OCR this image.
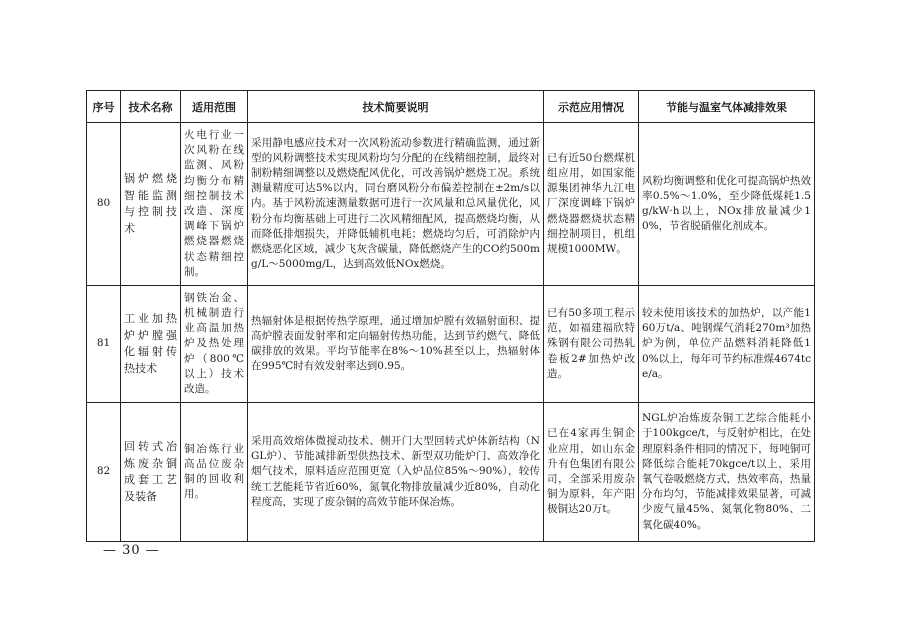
序号	技术名称	适用范围	技术简要说明	示范应用情况	节能与温室气体减排效果
80	锅炉燃烧智能监测与控制技术	火电行业一次风粉在线监测、风粉均衡分布精细控制技术改造、深度调峰下锅炉燃烧器燃烧状态精细控制。	采用静电感应技术对一次风粉流动参数进行精确监测，通过新型的风粉调整技术实现风粉均匀分配的在线精细控制，最终对制粉精细调整以及燃烧配风优化，可改善锅炉燃烧工况。系统测量精度可达5%以内，同台磨风粉分布偏差控制在±2m/s以内。基于风粉流速测量数据可进行一次风量和总风量优化，风粉分布均衡基础上可进行二次风精细配风，提高燃烧均衡，从而降低排烟损失，并降低辅机电耗；燃烧均匀后，可消除炉内燃烧恶化区域，减少飞灰含碳量，降低燃烧产生的CO约500mg/L～5000mg/L，达到高效低NOx燃烧。	已有近50台燃煤机组应用，如国家能源集团神华九江电厂深度调峰下锅炉燃烧器燃烧状态精细控制项目，机组规模1000MW。	风粉均衡调整和优化可提高锅炉热效率0.5%～1.0%，至少降低煤耗1.5g/kW·h以上，NOx排放量减少10%，节省脱硝催化剂成本。
81	工业加热炉炉膛强化辐射传热技术	钢铁冶金、机械制造行业高温加热炉及热处理炉（800℃以上）技术改造。	热辐射体是根据传热学原理，通过增加炉膛有效辐射面积、提高炉膛表面发射率和定向辐射传热功能，达到节约燃气、降低碳排放的效果。平均节能率在8%～10%甚至以上，热辐射体在995℃时有效发射率达到0.95。	已有50多项工程示范，如福建福欣特殊钢有限公司热轧卷板2#加热炉改造。	较未使用该技术的加热炉，以产能160万t/a、吨钢煤气消耗270m³加热炉为例，单位产品燃料消耗降低10%以上，每年可节约标准煤4674tce/a。
82	回转式冶炼废杂铜成套工艺及装备	铜冶炼行业高品位废杂铜的回收利用。	采用高效熔体微搅动技术、侧开门大型回转式炉体新结构（NGL炉）、节能减排新型供热技术、新型双功能炉门、高效净化烟气技术，原料适应范围更宽（入炉品位85%～90%），较传统工艺能耗节省近60%，氮氧化物排放量减少近80%，自动化程度高，实现了废杂铜的高效节能环保冶炼。	已在4家再生铜企业应用，如山东金升有色集团有限公司，全部采用废杂铜为原料，年产阳极铜达20万t。	NGL炉冶炼废杂铜工艺综合能耗小于100kgce/t，与反射炉相比，在处理原料条件相同的情况下，每吨铜可降低综合能耗70kgce/t以上，采用氧气卷吸燃烧方式，热效率高，热量分布均匀，节能减排效果显著，可减少废气量45%、氮氧化物80%、二氧化碳40%。
— 30 —
